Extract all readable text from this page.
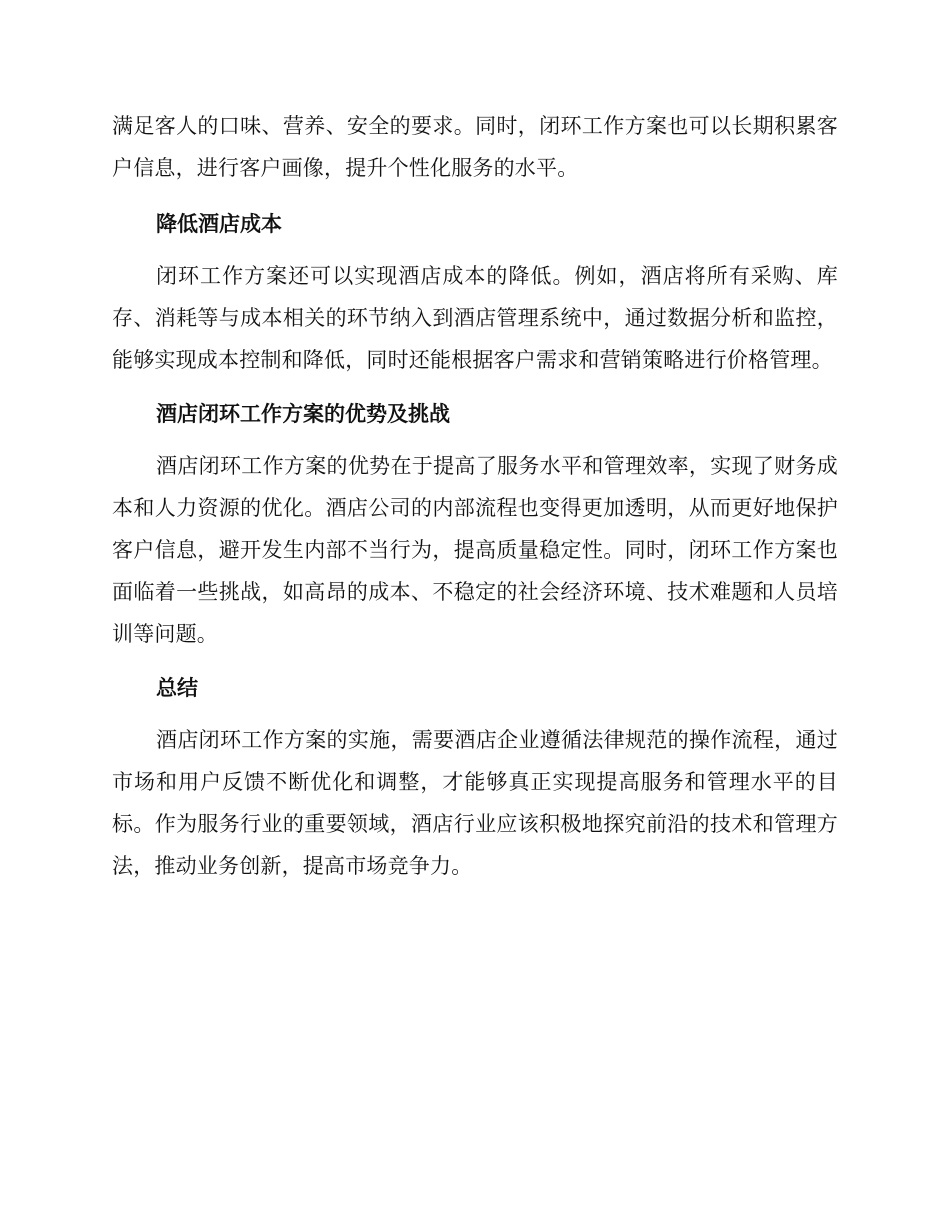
满足客人的口味、营养、安全的要求。同时，闭环工作方案也可以长期积累客户信息，进行客户画像，提升个性化服务的水平。

降低酒店成本

闭环工作方案还可以实现酒店成本的降低。例如，酒店将所有采购、库存、消耗等与成本相关的环节纳入到酒店管理系统中，通过数据分析和监控，能够实现成本控制和降低，同时还能根据客户需求和营销策略进行价格管理。

酒店闭环工作方案的优势及挑战

酒店闭环工作方案的优势在于提高了服务水平和管理效率，实现了财务成本和人力资源的优化。酒店公司的内部流程也变得更加透明，从而更好地保护客户信息，避开发生内部不当行为，提高质量稳定性。同时，闭环工作方案也面临着一些挑战，如高昂的成本、不稳定的社会经济环境、技术难题和人员培训等问题。

总结

酒店闭环工作方案的实施，需要酒店企业遵循法律规范的操作流程，通过市场和用户反馈不断优化和调整，才能够真正实现提高服务和管理水平的目标。作为服务行业的重要领域，酒店行业应该积极地探究前沿的技术和管理方法，推动业务创新，提高市场竞争力。
